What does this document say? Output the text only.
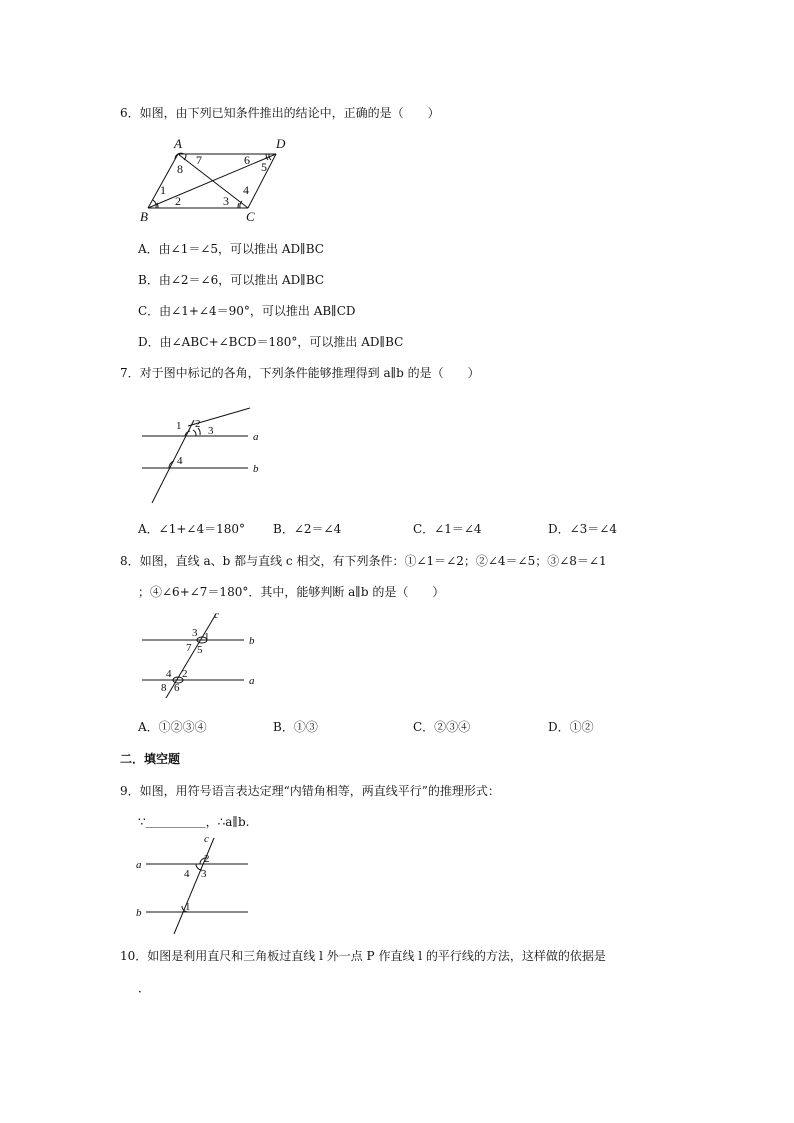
6．如图，由下列已知条件推出的结论中，正确的是（　　）
A	D
B	C
7	6
8	5
1
2
4
3
A．由∠1＝∠5，可以推出 AD∥BC
B．由∠2＝∠6，可以推出 AD∥BC
C．由∠1+∠4＝90°，可以推出 AB∥CD
D．由∠ABC+∠BCD＝180°，可以推出 AD∥BC
7．对于图中标记的各角，下列条件能够推理得到 a∥b 的是（　　）
1 2
3
4
a
b
A．∠1+∠4＝180° B．∠2＝∠4	C．∠1＝∠4	D．∠3＝∠4
8．如图，直线 a、b 都与直线 c 相交，有下列条件：①∠1＝∠2；②∠4＝∠5；③∠8＝∠1
；④∠6+∠7＝180°．其中，能够判断 a∥b 的是（　　）
c
b
a
3 1
7 5
4 2
8 6
A．①②③④	B．①③	C．②③④	D．①②
二．填空题
9．如图，用符号语言表达定理“内错角相等，两直线平行”的推理形式：
∵＿＿＿＿＿，∴a∥b.
c
a
b
2
4 3
1
10．如图是利用直尺和三角板过直线 l 外一点 P 作直线 l 的平行线的方法，这样做的依据是
．
